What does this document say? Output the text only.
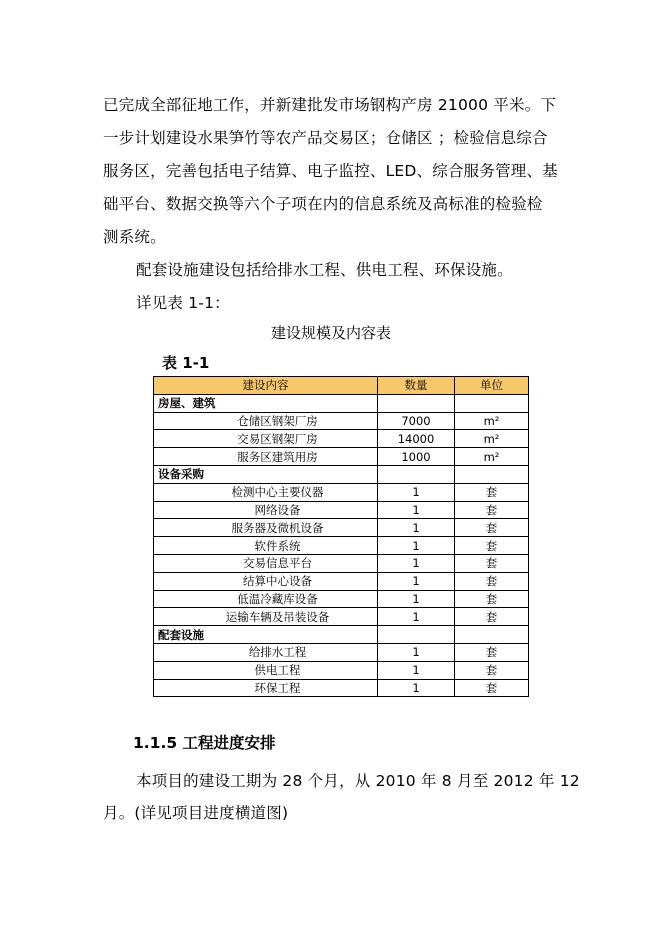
已完成全部征地工作，并新建批发市场钢构产房 21000 平米。下
一步计划建设水果笋竹等农产品交易区；仓储区 ；检验信息综合
服务区，完善包括电子结算、电子监控、LED、综合服务管理、基
础平台、数据交换等六个子项在内的信息系统及高标准的检验检
测系统。
配套设施建设包括给排水工程、供电工程、环保设施。
详见表 1-1：
建设规模及内容表
表 1-1
建设内容	数量	单位
房屋、建筑		
仓储区钢架厂房	7000	m²
交易区钢架厂房	14000	m²
服务区建筑用房	1000	m²
设备采购		
检测中心主要仪器	1	套
网络设备	1	套
服务器及微机设备	1	套
软件系统	1	套
交易信息平台	1	套
结算中心设备	1	套
低温冷藏库设备	1	套
运输车辆及吊装设备	1	套
配套设施		
给排水工程	1	套
供电工程	1	套
环保工程	1	套
1.1.5 工程进度安排
本项目的建设工期为 28 个月，从 2010 年 8 月至 2012 年 12
月。(详见项目进度横道图)
